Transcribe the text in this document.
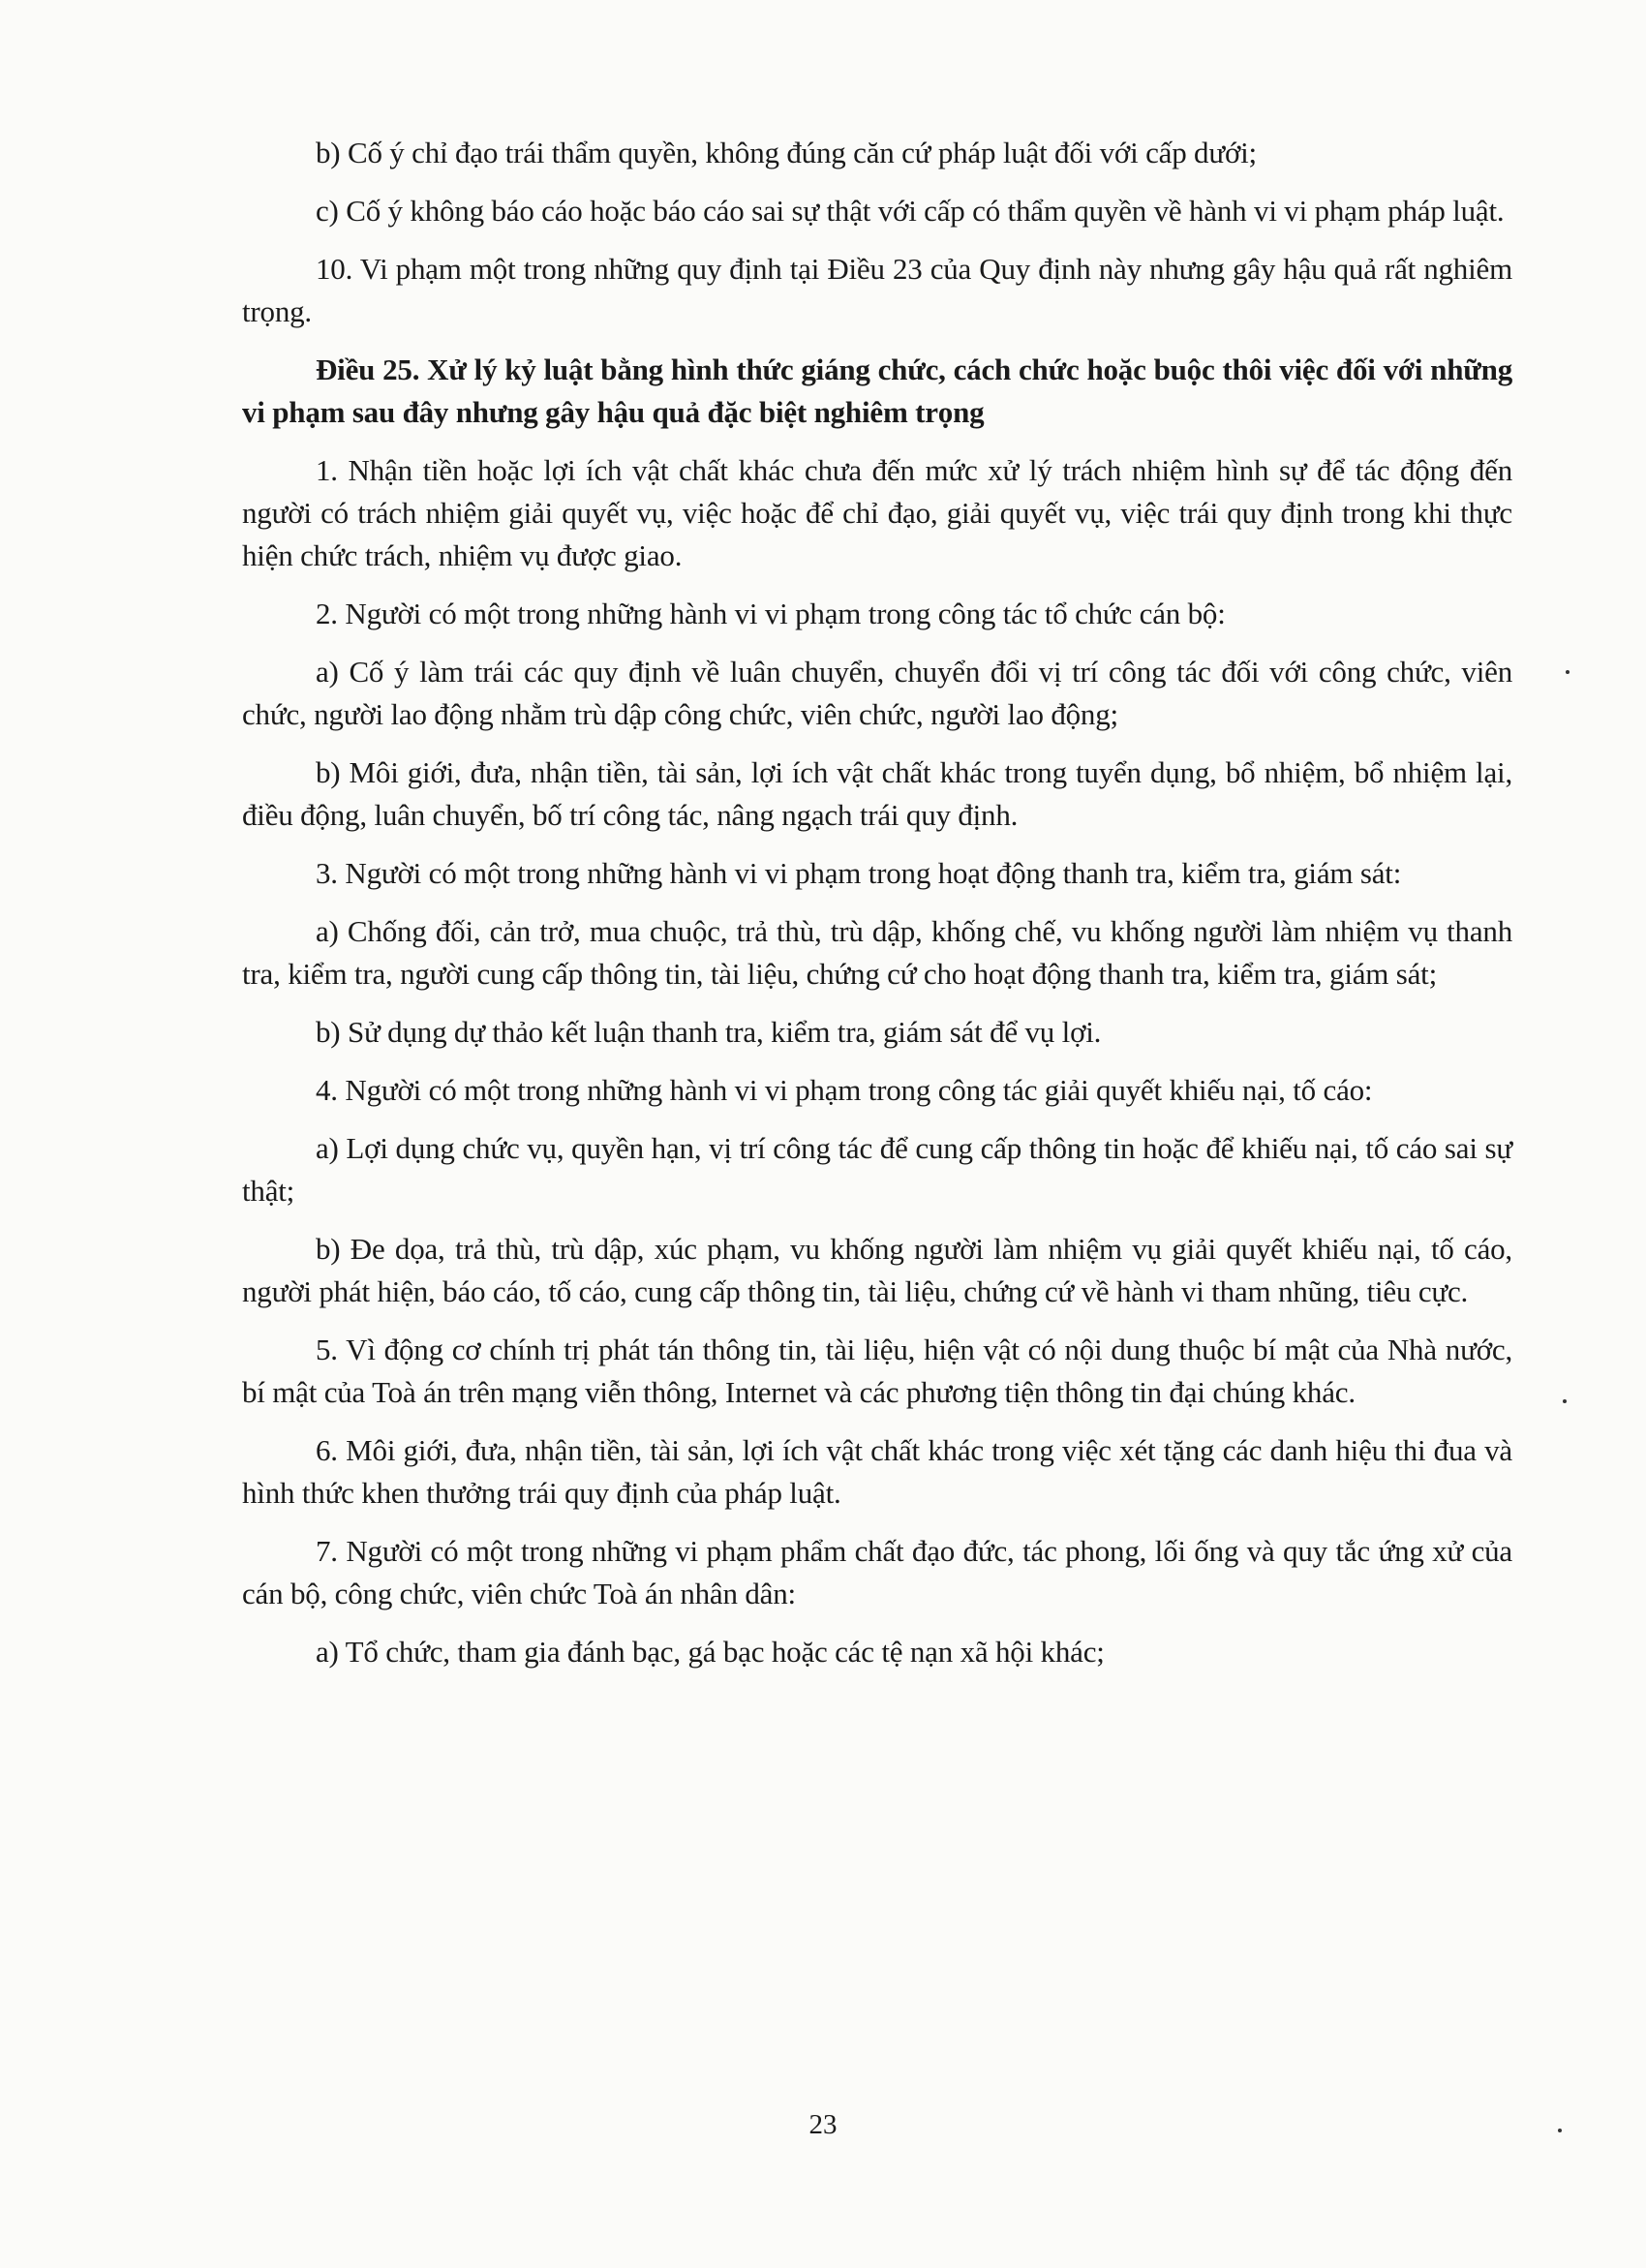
b) Cố ý chỉ đạo trái thẩm quyền, không đúng căn cứ pháp luật đối với cấp dưới;

c) Cố ý không báo cáo hoặc báo cáo sai sự thật với cấp có thẩm quyền về hành vi vi phạm pháp luật.

10. Vi phạm một trong những quy định tại Điều 23 của Quy định này nhưng gây hậu quả rất nghiêm trọng.

Điều 25. Xử lý kỷ luật bằng hình thức giáng chức, cách chức hoặc buộc thôi việc đối với những vi phạm sau đây nhưng gây hậu quả đặc biệt nghiêm trọng

1. Nhận tiền hoặc lợi ích vật chất khác chưa đến mức xử lý trách nhiệm hình sự để tác động đến người có trách nhiệm giải quyết vụ, việc hoặc để chỉ đạo, giải quyết vụ, việc trái quy định trong khi thực hiện chức trách, nhiệm vụ được giao.

2. Người có một trong những hành vi vi phạm trong công tác tổ chức cán bộ:

a) Cố ý làm trái các quy định về luân chuyển, chuyển đổi vị trí công tác đối với công chức, viên chức, người lao động nhằm trù dập công chức, viên chức, người lao động;

b) Môi giới, đưa, nhận tiền, tài sản, lợi ích vật chất khác trong tuyển dụng, bổ nhiệm, bổ nhiệm lại, điều động, luân chuyển, bố trí công tác, nâng ngạch trái quy định.

3. Người có một trong những hành vi vi phạm trong hoạt động thanh tra, kiểm tra, giám sát:

a) Chống đối, cản trở, mua chuộc, trả thù, trù dập, khống chế, vu khống người làm nhiệm vụ thanh tra, kiểm tra, người cung cấp thông tin, tài liệu, chứng cứ cho hoạt động thanh tra, kiểm tra, giám sát;

b) Sử dụng dự thảo kết luận thanh tra, kiểm tra, giám sát để vụ lợi.

4. Người có một trong những hành vi vi phạm trong công tác giải quyết khiếu nại, tố cáo:

a) Lợi dụng chức vụ, quyền hạn, vị trí công tác để cung cấp thông tin hoặc để khiếu nại, tố cáo sai sự thật;

b) Đe dọa, trả thù, trù dập, xúc phạm, vu khống người làm nhiệm vụ giải quyết khiếu nại, tố cáo, người phát hiện, báo cáo, tố cáo, cung cấp thông tin, tài liệu, chứng cứ về hành vi tham nhũng, tiêu cực.

5. Vì động cơ chính trị phát tán thông tin, tài liệu, hiện vật có nội dung thuộc bí mật của Nhà nước, bí mật của Toà án trên mạng viễn thông, Internet và các phương tiện thông tin đại chúng khác.

6. Môi giới, đưa, nhận tiền, tài sản, lợi ích vật chất khác trong việc xét tặng các danh hiệu thi đua và hình thức khen thưởng trái quy định của pháp luật.

7. Người có một trong những vi phạm phẩm chất đạo đức, tác phong, lối ống và quy tắc ứng xử của cán bộ, công chức, viên chức Toà án nhân dân:

a) Tổ chức, tham gia đánh bạc, gá bạc hoặc các tệ nạn xã hội khác;

23
